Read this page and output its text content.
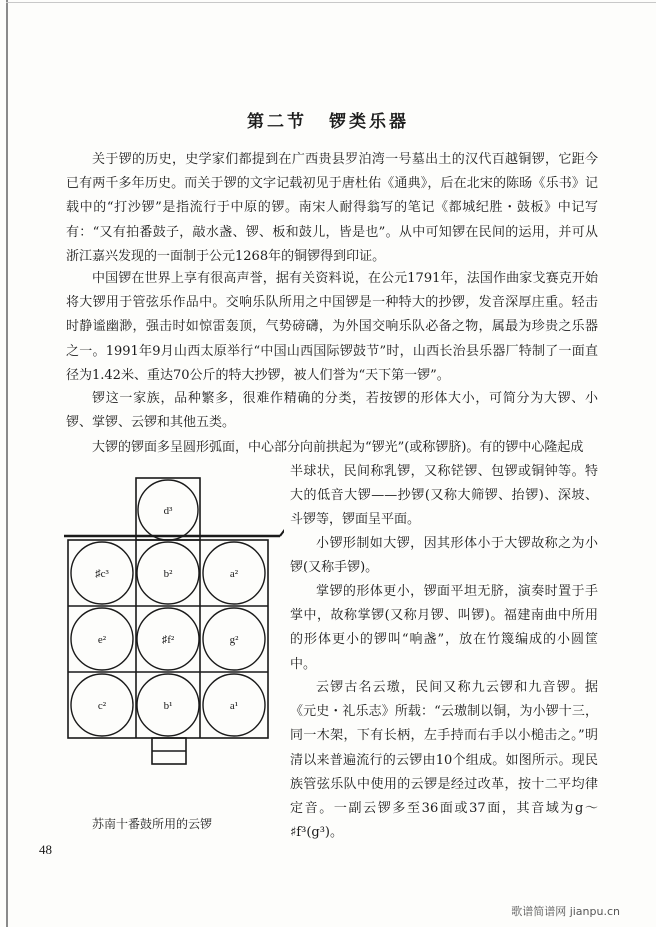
第二节 锣类乐器

关于锣的历史，史学家们都提到在广西贵县罗泊湾一号墓出土的汉代百越铜锣，它距今已有两千多年历史。而关于锣的文字记载初见于唐杜佑《通典》，后在北宋的陈旸《乐书》记载中的“打沙锣”是指流行于中原的锣。南宋人耐得翁写的笔记《都城纪胜・鼓板》中记写有：“又有拍番鼓子，敲水盏、锣、板和鼓儿，皆是也”。从中可知锣在民间的运用，并可从浙江嘉兴发现的一面制于公元1268年的铜锣得到印证。

中国锣在世界上享有很高声誉，据有关资料说，在公元1791年，法国作曲家戈赛克开始将大锣用于管弦乐作品中。交响乐队所用之中国锣是一种特大的抄锣，发音深厚庄重。轻击时静谧幽渺，强击时如惊雷轰顶，气势磅礴，为外国交响乐队必备之物，属最为珍贵之乐器之一。1991年9月山西太原举行“中国山西国际锣鼓节”时，山西长治县乐器厂特制了一面直径为1.42米、重达70公斤的特大抄锣，被人们誉为“天下第一锣”。

锣这一家族，品种繁多，很难作精确的分类，若按锣的形体大小，可简分为大锣、小锣、掌锣、云锣和其他五类。

大锣的锣面多呈圆形弧面，中心部分向前拱起为“锣光”(或称锣脐)。有的锣中心隆起成

半球状，民间称乳锣，又称铓锣、包锣或铜钟等。特大的低音大锣——抄锣(又称大筛锣、抬锣)、深坡、斗锣等，锣面呈平面。

小锣形制如大锣，因其形体小于大锣故称之为小锣(又称手锣)。

掌锣的形体更小，锣面平坦无脐，演奏时置于手掌中，故称掌锣(又称月锣、叫锣)。福建南曲中所用的形体更小的锣叫“响盏”，放在竹篾编成的小圆筐中。

云锣古名云璈，民间又称九云锣和九音锣。据《元史・礼乐志》所载：“云璈制以铜，为小锣十三，同一木架，下有长柄，左手持而右手以小槌击之。”明清以来普遍流行的云锣由10个组成。如图所示。现民族管弦乐队中使用的云锣是经过改革，按十二平均律定音。一副云锣多至36面或37面，其音域为g～♯f³(g³)。

d³
♯c³	b²	a²
e²	♯f²	g²
c²	b¹	a¹
苏南十番鼓所用的云锣
48
歌谱简谱网 jianpu.cn
